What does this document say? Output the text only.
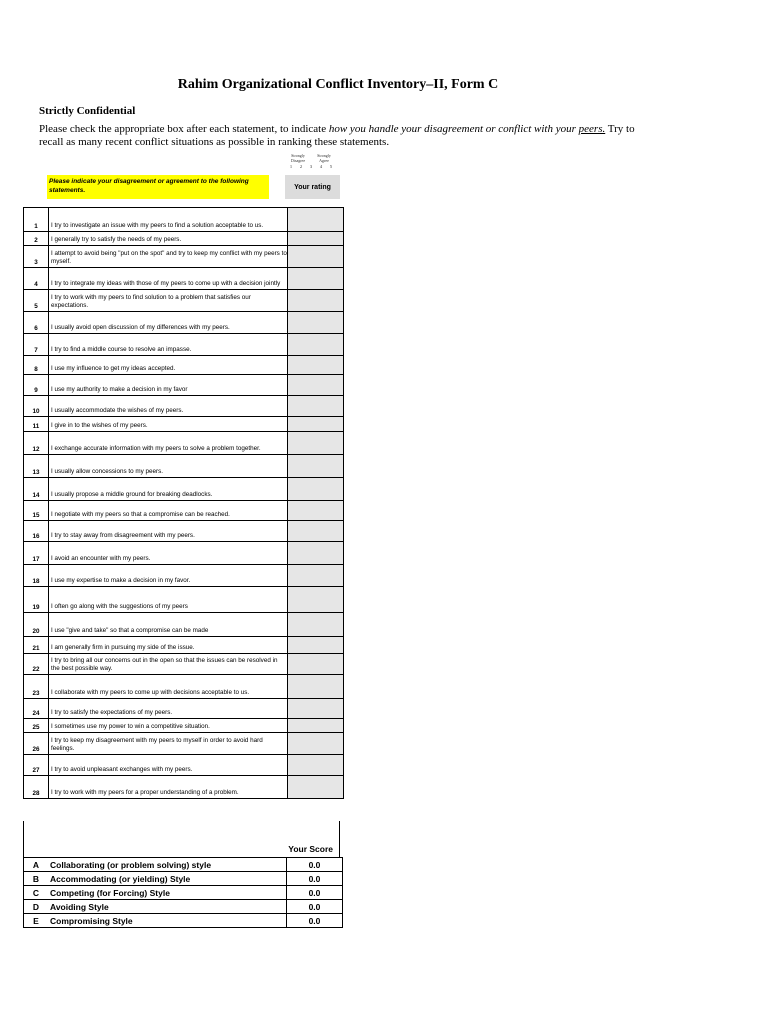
Rahim Organizational Conflict Inventory–II, Form C
Strictly Confidential
Please check the appropriate box after each statement, to indicate how you handle your disagreement or conflict with your peers. Try to recall as many recent conflict situations as possible in ranking these statements.
Strongly Disagree
Strongly Agree
1 2 3 4 5
Please indicate your disagreement or agreement to the following statements.	Your rating
1	I try to investigate an issue with my peers to find a solution acceptable to us.	
2	I generally try to satisfy the needs of my peers.	
3	I attempt to avoid being "put on the spot" and try to keep my conflict with my peers to myself.	
4	I try to integrate my ideas with those of my peers to come up with a decision jointly	
5	I try to work with my peers to find solution to a problem that satisfies our expectations.	
6	I usually avoid open discussion of my differences with my peers.	
7	I try to find a middle course to resolve an impasse.	
8	I use my influence to get my ideas accepted.	
9	I use my authority to make a decision in my favor	
10	I usually accommodate the wishes of my peers.	
11	I give in to the wishes of my peers.	
12	I exchange accurate information with my peers to solve a problem together.	
13	I usually allow concessions to my peers.	
14	I usually propose a middle ground for breaking deadlocks.	
15	I negotiate with my peers so that a compromise can be reached.	
16	I try to stay away from disagreement with my peers.	
17	I avoid an encounter with my peers.	
18	I use my expertise to make a decision in my favor.	
19	I often go along with the suggestions of my peers	
20	I use "give and take" so that a compromise can be made	
21	I am generally firm in pursuing my side of the issue.	
22	I try to bring all our concerns out in the open so that the issues can be resolved in the best possible way.	
23	I collaborate with my peers to come up with decisions acceptable to us.	
24	I try to satisfy the expectations of my peers.	
25	I sometimes use my power to win a competitive situation.	
26	I try to keep my disagreement with my peers to myself in order to avoid hard feelings.	
27	I try to avoid unpleasant exchanges with my peers.	
28	I try to work with my peers for a proper understanding of a problem.	
Your Score
A	Collaborating (or problem solving) style	0.0
B	Accommodating (or yielding) Style	0.0
C	Competing (for Forcing) Style	0.0
D	Avoiding Style	0.0
E	Compromising Style	0.0
